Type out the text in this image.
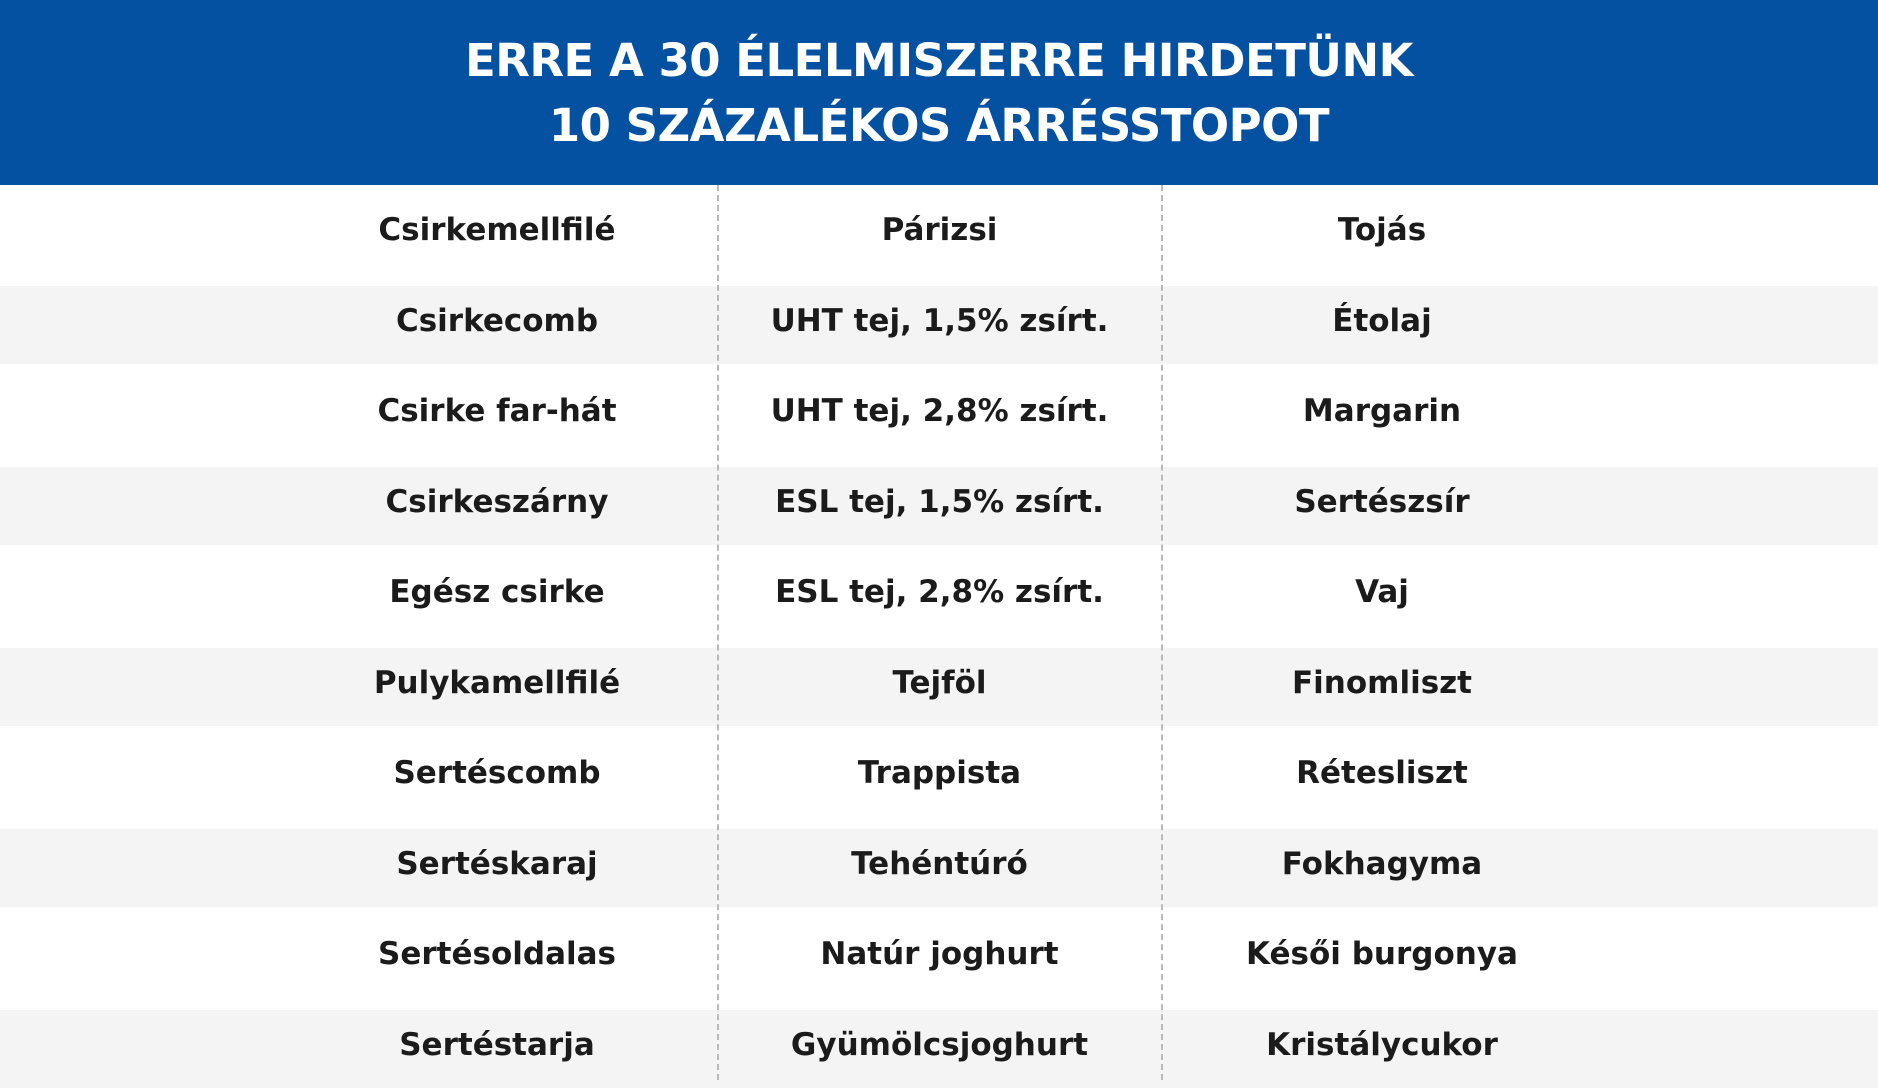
ERRE A 30 ÉLELMISZERRE HIRDETÜNK
10 SZÁZALÉKOS ÁRRÉSSTOPOT
Sertéstarja	Gyümölcsjoghurt	Kristálycukor
Sertésoldalas	Natúr joghurt	Késői burgonya
Sertéskaraj	Tehéntúró	Fokhagyma
Sertéscomb	Trappista	Rétesliszt
Pulykamellfilé	Tejföl	Finomliszt
Egész csirke	ESL tej, 2,8% zsírt.	Vaj
Csirkeszárny	ESL tej, 1,5% zsírt.	Sertészsír
Csirke far-hát	UHT tej, 2,8% zsírt.	Margarin
Csirkecomb	UHT tej, 1,5% zsírt.	Étolaj
Csirkemellfilé	Párizsi	Tojás
